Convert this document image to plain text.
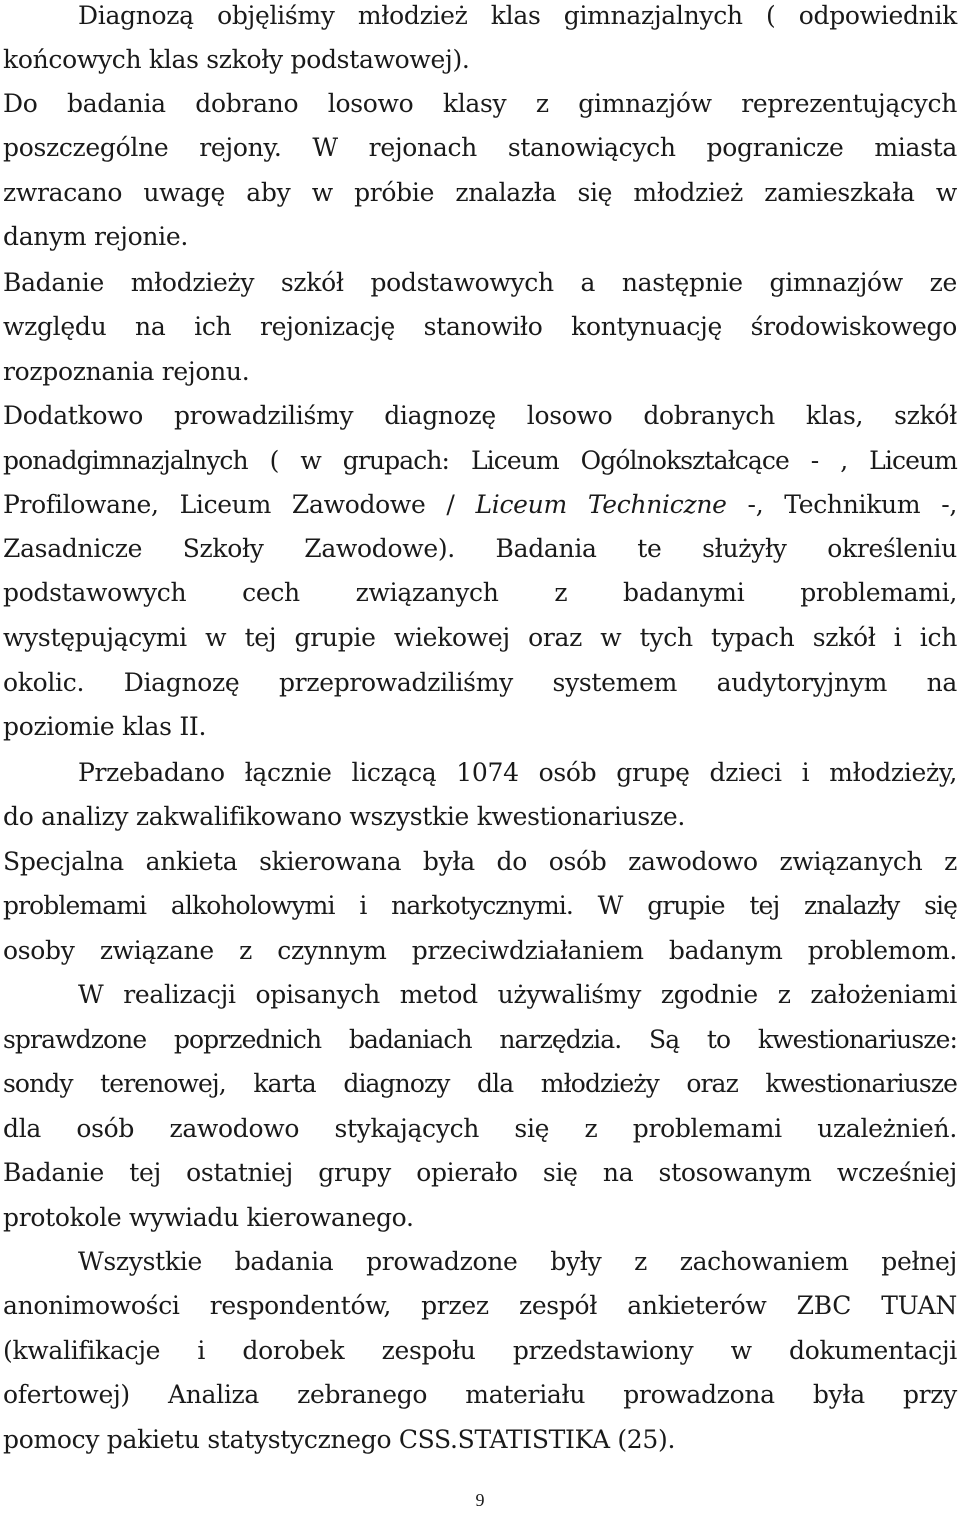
Diagnozą objęliśmy młodzież klas gimnazjalnych ( odpowiednik
końcowych klas szkoły podstawowej).
Do badania dobrano losowo klasy z gimnazjów reprezentujących
poszczególne rejony. W rejonach stanowiących pogranicze miasta
zwracano uwagę aby w próbie znalazła się młodzież zamieszkała w
danym rejonie.
Badanie młodzieży szkół podstawowych a następnie gimnazjów ze
względu na ich rejonizację stanowiło kontynuację środowiskowego
rozpoznania rejonu.
Dodatkowo prowadziliśmy diagnozę losowo dobranych klas, szkół
ponadgimnazjalnych ( w grupach: Liceum Ogólnokształcące - , Liceum
Profilowane, Liceum Zawodowe / Liceum Techniczne -, Technikum -,
Zasadnicze Szkoły Zawodowe). Badania te służyły określeniu
podstawowych cech związanych z badanymi problemami,
występującymi w tej grupie wiekowej oraz w tych typach szkół i ich
okolic. Diagnozę przeprowadziliśmy systemem audytoryjnym na
poziomie klas II.
Przebadano łącznie liczącą 1074 osób grupę dzieci i młodzieży,
do analizy zakwalifikowano wszystkie kwestionariusze.
Specjalna ankieta skierowana była do osób zawodowo związanych z
problemami alkoholowymi i narkotycznymi. W grupie tej znalazły się
osoby związane z czynnym przeciwdziałaniem badanym problemom.
W realizacji opisanych metod używaliśmy zgodnie z założeniami
sprawdzone poprzednich badaniach narzędzia. Są to kwestionariusze:
sondy terenowej, karta diagnozy dla młodzieży oraz kwestionariusze
dla osób zawodowo stykających się z problemami uzależnień.
Badanie tej ostatniej grupy opierało się na stosowanym wcześniej
protokole wywiadu kierowanego.
Wszystkie badania prowadzone były z zachowaniem pełnej
anonimowości respondentów, przez zespół ankieterów ZBC TUAN
(kwalifikacje i dorobek zespołu przedstawiony w dokumentacji
ofertowej) Analiza zebranego materiału prowadzona była przy
pomocy pakietu statystycznego CSS.STATISTIKA (25).
9
